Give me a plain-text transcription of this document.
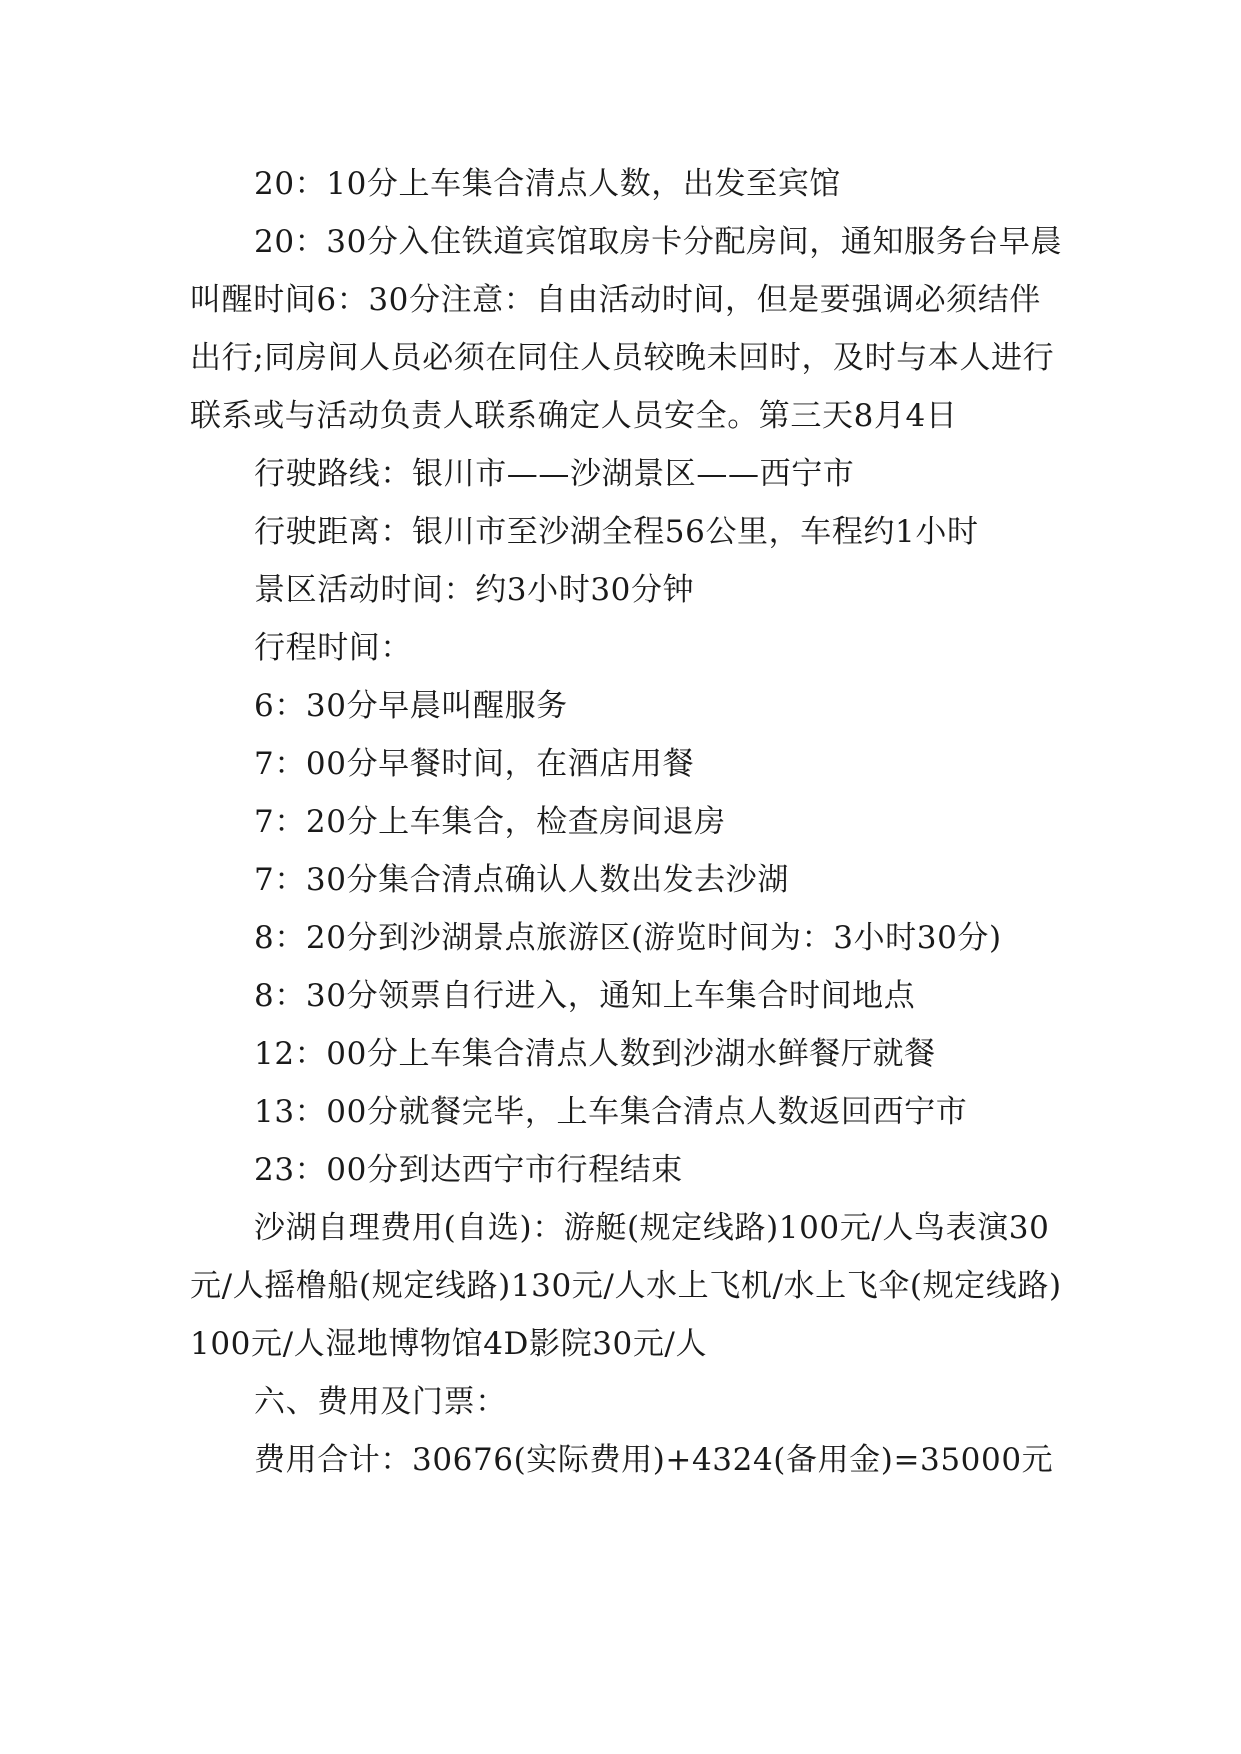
20：10分上车集合清点人数，出发至宾馆

20：30分入住铁道宾馆取房卡分配房间，通知服务台早晨叫醒时间6：30分注意：自由活动时间，但是要强调必须结伴出行;同房间人员必须在同住人员较晚未回时，及时与本人进行联系或与活动负责人联系确定人员安全。第三天8月4日

行驶路线：银川市——沙湖景区——西宁市

行驶距离：银川市至沙湖全程56公里，车程约1小时

景区活动时间：约3小时30分钟

行程时间：

6：30分早晨叫醒服务

7：00分早餐时间，在酒店用餐

7：20分上车集合，检查房间退房

7：30分集合清点确认人数出发去沙湖

8：20分到沙湖景点旅游区(游览时间为：3小时30分)

8：30分领票自行进入，通知上车集合时间地点

12：00分上车集合清点人数到沙湖水鲜餐厅就餐

13：00分就餐完毕，上车集合清点人数返回西宁市

23：00分到达西宁市行程结束

沙湖自理费用(自选)：游艇(规定线路)100元/人鸟表演30元/人摇橹船(规定线路)130元/人水上飞机/水上飞伞(规定线路)100元/人湿地博物馆4D影院30元/人

六、费用及门票：

费用合计：30676(实际费用)+4324(备用金)=35000元
